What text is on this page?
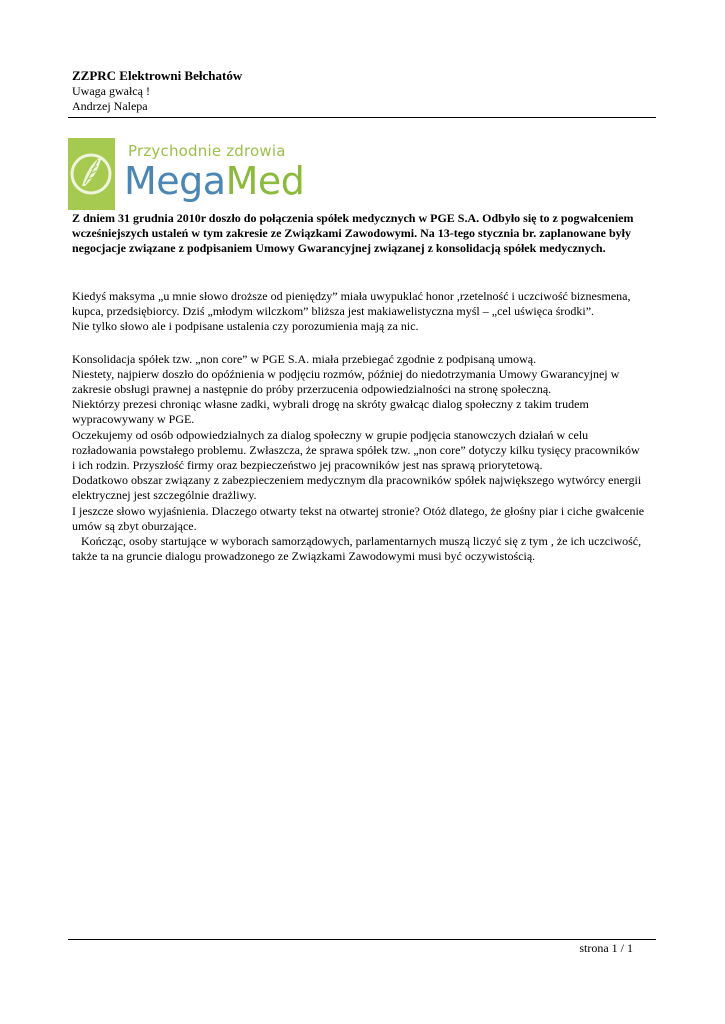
ZZPRC Elektrowni Bełchatów
Uwaga gwałcą !
Andrzej Nalepa
Przychodnie zdrowia
MegaMed
Z dniem 31 grudnia 2010r doszło do połączenia spółek medycznych w PGE S.A. Odbyło się to z pogwałceniem
wcześniejszych ustaleń w tym zakresie ze Związkami Zawodowymi. Na 13-tego stycznia br. zaplanowane były
negocjacje związane z podpisaniem Umowy Gwarancyjnej związanej z konsolidacją spółek medycznych.

Kiedyś maksyma „u mnie słowo droższe od pieniędzy” miała uwypuklać honor ,rzetelność i uczciwość biznesmena,

kupca, przedsiębiorcy. Dziś „młodym wilczkom” bliższa jest makiawelistyczna myśl – „cel uświęca środki”.

Nie tylko słowo ale i podpisane ustalenia czy porozumienia mają za nic.

Konsolidacja spółek tzw. „non core” w PGE S.A. miała przebiegać zgodnie z podpisaną umową.

Niestety, najpierw doszło do opóźnienia w podjęciu rozmów, później do niedotrzymania Umowy Gwarancyjnej w

zakresie obsługi prawnej a następnie do próby przerzucenia odpowiedzialności na stronę społeczną.

Niektórzy prezesi chroniąc własne zadki, wybrali drogę na skróty gwałcąc dialog społeczny z takim trudem

wypracowywany w PGE.

Oczekujemy od osób odpowiedzialnych za dialog społeczny w grupie podjęcia stanowczych działań w celu

rozładowania powstałego problemu. Zwłaszcza, że sprawa spółek tzw. „non core” dotyczy kilku tysięcy pracowników

i ich rodzin. Przyszłość firmy oraz bezpieczeństwo jej pracowników jest nas sprawą priorytetową.

Dodatkowo obszar związany z zabezpieczeniem medycznym dla pracowników spółek największego wytwórcy energii

elektrycznej jest szczególnie drażliwy.

I jeszcze słowo wyjaśnienia. Dlaczego otwarty tekst na otwartej stronie? Otóż dlatego, że głośny piar i ciche gwałcenie

umów są zbyt oburzające.

Kończąc, osoby startujące w wyborach samorządowych, parlamentarnych muszą liczyć się z tym , że ich uczciwość,

także ta na gruncie dialogu prowadzonego ze Związkami Zawodowymi musi być oczywistością.

strona 1 / 1
